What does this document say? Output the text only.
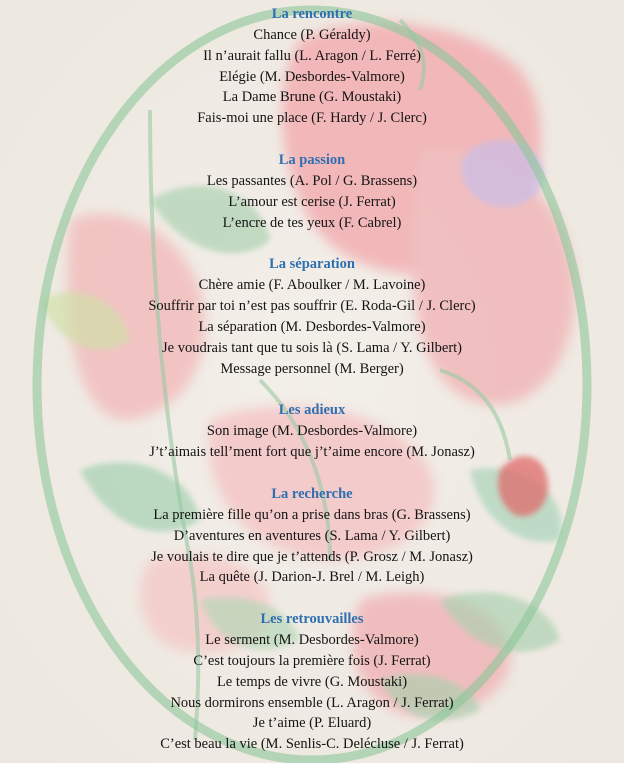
La rencontre
Chance (P. Géraldy)
Il n’aurait fallu (L. Aragon / L. Ferré)
Elégie (M. Desbordes-Valmore)
La Dame Brune (G. Moustaki)
Fais-moi une place (F. Hardy / J. Clerc)
La passion
Les passantes (A. Pol / G. Brassens)
L’amour est cerise (J. Ferrat)
L’encre de tes yeux (F. Cabrel)
La séparation
Chère amie (F. Aboulker / M. Lavoine)
Souffrir par toi n’est pas souffrir (E. Roda-Gil / J. Clerc)
La séparation (M. Desbordes-Valmore)
Je voudrais tant que tu sois là (S. Lama / Y. Gilbert)
Message personnel (M. Berger)
Les adieux
Son image (M. Desbordes-Valmore)
J’t’aimais tell’ment fort que j’t’aime encore (M. Jonasz)
La recherche
La première fille qu’on a prise dans bras (G. Brassens)
D’aventures en aventures (S. Lama / Y. Gilbert)
Je voulais te dire que je t’attends (P. Grosz / M. Jonasz)
La quête (J. Darion-J. Brel / M. Leigh)
Les retrouvailles
Le serment (M. Desbordes-Valmore)
C’est toujours la première fois (J. Ferrat)
Le temps de vivre (G. Moustaki)
Nous dormirons ensemble (L. Aragon / J. Ferrat)
Je t’aime (P. Eluard)
C’est beau la vie (M. Senlis-C. Delécluse / J. Ferrat)
